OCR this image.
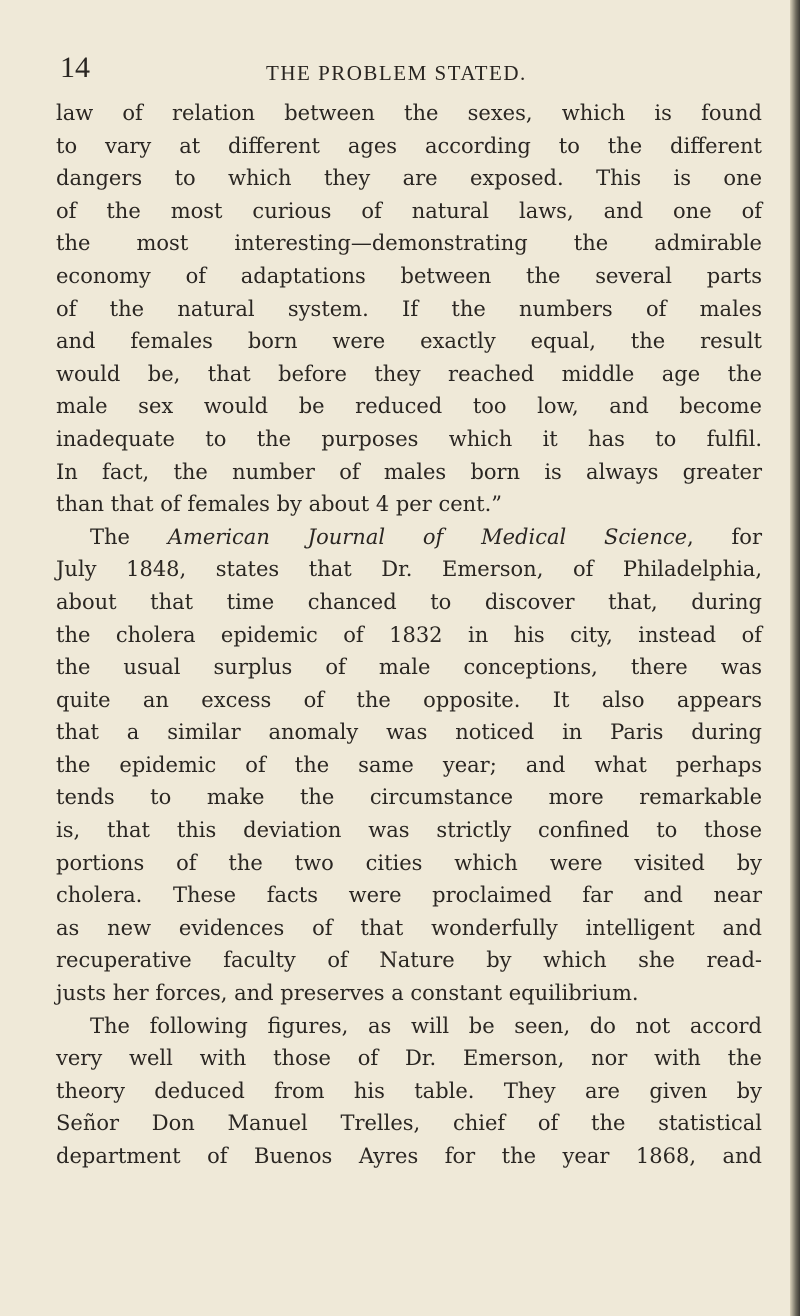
14	THE PROBLEM STATED.
law of relation between the sexes, which is found
to vary at different ages according to the different
dangers to which they are exposed. This is one
of the most curious of natural laws, and one of
the most interesting—demonstrating the admirable
economy of adaptations between the several parts
of the natural system. If the numbers of males
and females born were exactly equal, the result
would be, that before they reached middle age the
male sex would be reduced too low, and become
inadequate to the purposes which it has to fulfil.
In fact, the number of males born is always greater
than that of females by about 4 per cent.”
The American Journal of Medical Science, for
July 1848, states that Dr. Emerson, of Philadelphia,
about that time chanced to discover that, during
the cholera epidemic of 1832 in his city, instead of
the usual surplus of male conceptions, there was
quite an excess of the opposite. It also appears
that a similar anomaly was noticed in Paris during
the epidemic of the same year; and what perhaps
tends to make the circumstance more remarkable
is, that this deviation was strictly confined to those
portions of the two cities which were visited by
cholera. These facts were proclaimed far and near
as new evidences of that wonderfully intelligent and
recuperative faculty of Nature by which she read-
justs her forces, and preserves a constant equilibrium.
The following figures, as will be seen, do not accord
very well with those of Dr. Emerson, nor with the
theory deduced from his table. They are given by
Señor Don Manuel Trelles, chief of the statistical
department of Buenos Ayres for the year 1868, and
